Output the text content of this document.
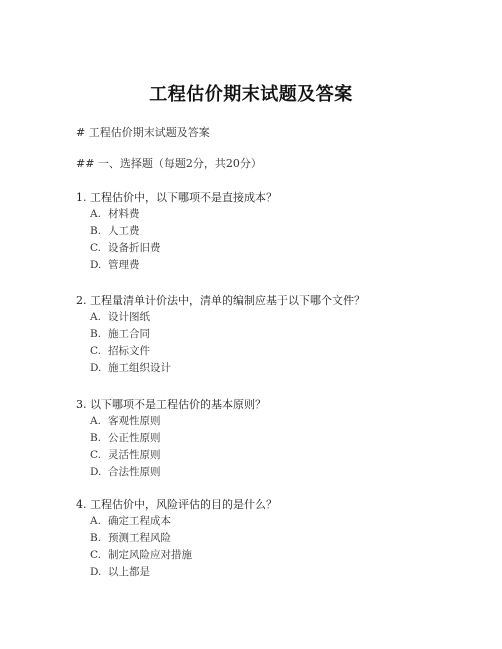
工程估价期末试题及答案
# 工程估价期末试题及答案
## 一、选择题（每题2分，共20分）
1. 工程估价中，以下哪项不是直接成本？
A. 材料费
B. 人工费
C. 设备折旧费
D. 管理费
2. 工程量清单计价法中，清单的编制应基于以下哪个文件？
A. 设计图纸
B. 施工合同
C. 招标文件
D. 施工组织设计
3. 以下哪项不是工程估价的基本原则？
A. 客观性原则
B. 公正性原则
C. 灵活性原则
D. 合法性原则
4. 工程估价中，风险评估的目的是什么？
A. 确定工程成本
B. 预测工程风险
C. 制定风险应对措施
D. 以上都是
